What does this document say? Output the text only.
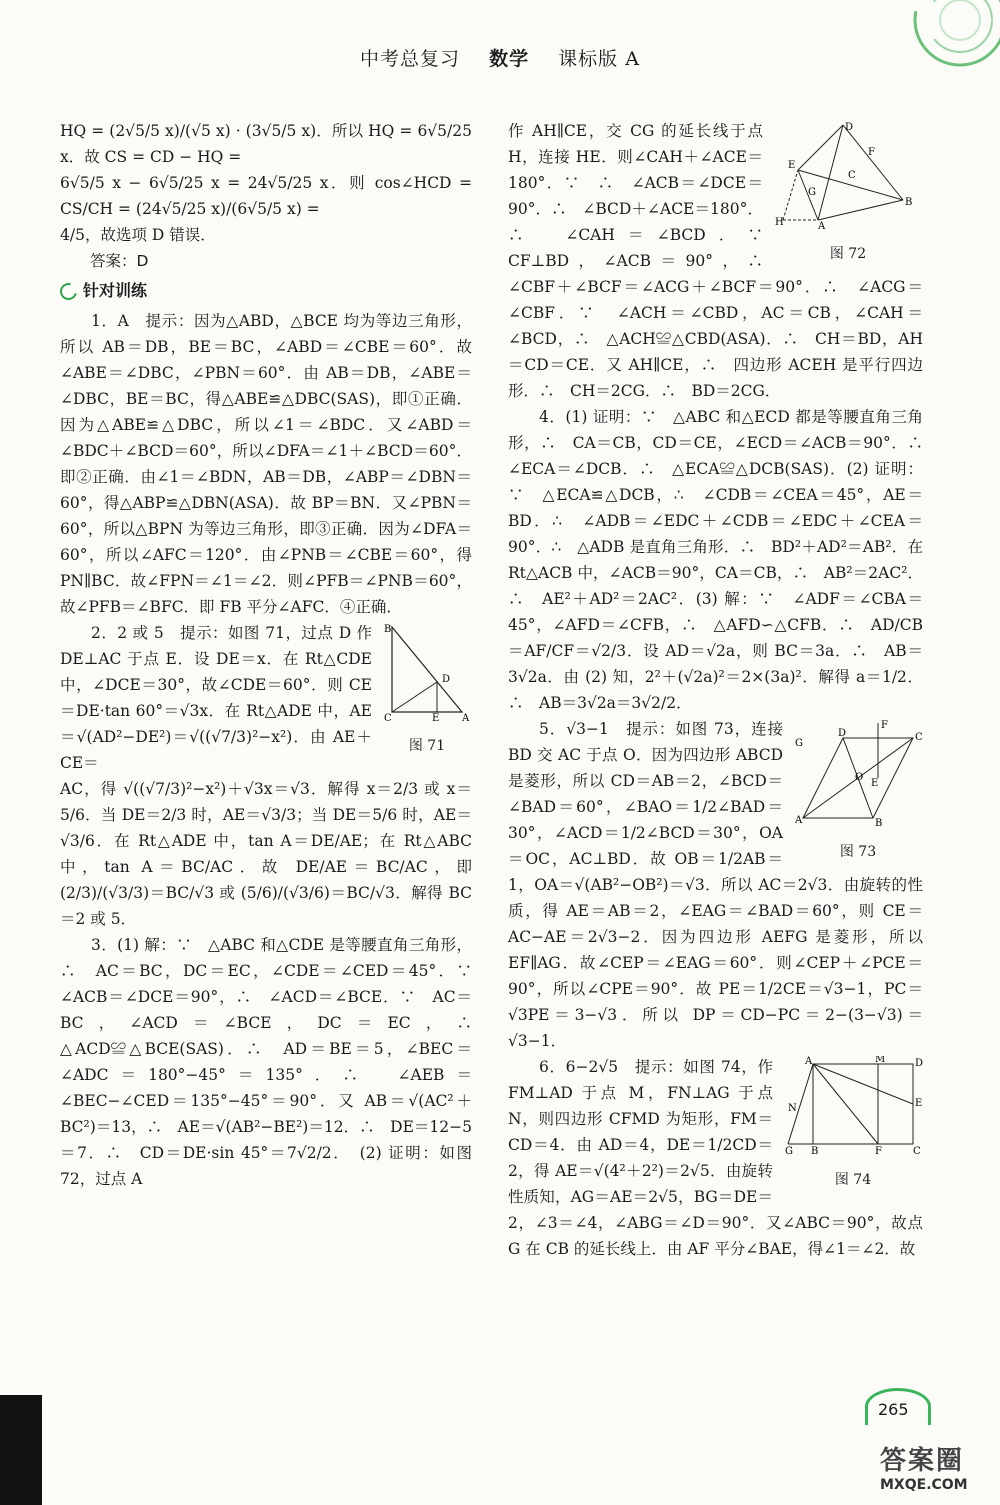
中考总复习 数学 课标版 A

HQ = (2√5/5 x)/(√5 x) · (3√5/5 x)．所以 HQ = 6√5/25 x．故 CS = CD − HQ =

6√5/5 x − 6√5/25 x = 24√5/25 x．则 cos∠HCD = CS/CH = (24√5/25 x)/(6√5/5 x) =

4/5，故选项 D 错误．

答案：D

针对训练

1．A　提示：因为△ABD，△BCE 均为等边三角形，所以 AB＝DB，BE＝BC，∠ABD＝∠CBE＝60°．故∠ABE＝∠DBC，∠PBN＝60°．由 AB＝DB，∠ABE＝∠DBC，BE＝BC，得△ABE≌△DBC(SAS)，即①正确．因为△ABE≌△DBC，所以∠1＝∠BDC．又∠ABD＝∠BDC＋∠BCD＝60°，所以∠DFA＝∠1＋∠BCD＝60°．即②正确．由∠1＝∠BDN，AB＝DB，∠ABP＝∠DBN＝60°，得△ABP≌△DBN(ASA)．故 BP＝BN．又∠PBN＝60°，所以△BPN 为等边三角形，即③正确．因为∠DFA＝60°，所以∠AFC＝120°．由∠PNB＝∠CBE＝60°，得 PN∥BC．故∠FPN＝∠1＝∠2．则∠PFB＝∠PNB＝60°，故∠PFB＝∠BFC．即 FB 平分∠AFC．④正确．

B
D
C	E A
图 71

2．2 或 5　提示：如图 71，过点 D 作 DE⊥AC 于点 E．设 DE＝x．在 Rt△CDE 中，∠DCE＝30°，故∠CDE＝60°．则 CE＝DE·tan 60°＝√3x．在 Rt△ADE 中，AE＝√(AD²−DE²)＝√((√7/3)²−x²)．由 AE＋CE＝

AC，得 √((√7/3)²−x²)＋√3x＝√3．解得 x＝2/3 或 x＝5/6．当 DE＝2/3 时，AE＝√3/3；当 DE＝5/6 时，AE＝√3/6．在 Rt△ADE 中，tan A＝DE/AE；在 Rt△ABC 中，tan A＝BC/AC．故 DE/AE＝BC/AC，即 (2/3)/(√3/3)＝BC/√3 或 (5/6)/(√3/6)＝BC/√3．解得 BC＝2 或 5．

3．(1) 解：∵　△ABC 和△CDE 是等腰直角三角形，∴　AC＝BC，DC＝EC，∠CDE＝∠CED＝45°．∵　∠ACB＝∠DCE＝90°，∴　∠ACD＝∠BCE．∵　AC＝BC，∠ACD＝∠BCE，DC＝EC，∴　△ACD≌△BCE(SAS)．∴　AD＝BE＝5，∠BEC＝∠ADC＝180°−45°＝135°．∴　∠AEB＝∠BEC−∠CED＝135°−45°＝90°．又 AB＝√(AC²＋BC²)＝13，∴　AE＝√(AB²−BE²)＝12．∴　DE＝12−5＝7．∴　CD＝DE·sin 45°＝7√2/2．　(2) 证明：如图 72，过点 A

D
F
E
C
G
B
H	A
图 72

作 AH∥CE，交 CG 的延长线于点 H，连接 HE．则∠CAH＋∠ACE＝180°．∵　∴　∠ACB＝∠DCE＝90°．∴　∠BCD＋∠ACE＝180°．∴　∠CAH＝∠BCD．∵　CF⊥BD，∠ACB＝90°，∴　∠CBF＋∠BCF＝∠ACG＋∠BCF＝90°．∴　∠ACG＝∠CBF．∵　∠ACH＝∠CBD，AC＝CB，∠CAH＝∠BCD，∴　△ACH≌△CBD(ASA)．∴　CH＝BD，AH＝CD＝CE．又 AH∥CE，∴　四边形 ACEH 是平行四边形．∴　CH＝2CG．∴　BD＝2CG．

4．(1) 证明：∵　△ABC 和△ECD 都是等腰直角三角形，∴　CA＝CB，CD＝CE，∠ECD＝∠ACB＝90°．∴　∠ECA＝∠DCB．∴　△ECA≌△DCB(SAS)．(2) 证明：∵　△ECA≌△DCB，∴　∠CDB＝∠CEA＝45°，AE＝BD．∴　∠ADB＝∠EDC＋∠CDB＝∠EDC＋∠CEA＝90°．∴　△ADB 是直角三角形．∴　BD²＋AD²＝AB²．在 Rt△ACB 中，∠ACB＝90°，CA＝CB，∴　AB²＝2AC²．∴　AE²＋AD²＝2AC²．(3) 解：∵　∠ADF＝∠CBA＝45°，∠AFD＝∠CFB，∴　△AFD∽△CFB．∴　AD/CB＝AF/CF＝√2/3．设 AD＝√2a，则 BC＝3a．∴　AB＝3√2a．由 (2) 知，2²＋(√2a)²＝2×(3a)²．解得 a＝1/2．∴　AB＝3√2a＝3√2/2．

F
G
D	C
O
E
A	B
图 73

5．√3−1　提示：如图 73，连接 BD 交 AC 于点 O．因为四边形 ABCD 是菱形，所以 CD＝AB＝2，∠BCD＝∠BAD＝60°，∠BAO＝1/2∠BAD＝30°，∠ACD＝1/2∠BCD＝30°，OA＝OC，AC⊥BD．故 OB＝1/2AB＝1，OA＝√(AB²−OB²)＝√3．所以 AC＝2√3．由旋转的性质，得 AE＝AB＝2，∠EAG＝∠BAD＝60°，则 CE＝AC−AE＝2√3−2．因为四边形 AEFG 是菱形，所以 EF∥AG．故∠CEP＝∠EAG＝60°．则∠CEP＋∠PCE＝90°，所以∠CPE＝90°．故 PE＝1/2CE＝√3−1，PC＝√3PE＝3−√3．所以 DP＝CD−PC＝2−(3−√3)＝√3−1．

A	M	D
E
N
G B	F	C
图 74

6．6−2√5　提示：如图 74，作 FM⊥AD 于点 M，FN⊥AG 于点 N，则四边形 CFMD 为矩形，FM＝CD＝4．由 AD＝4，DE＝1/2CD＝2，得 AE＝√(4²＋2²)＝2√5．由旋转性质知，AG＝AE＝2√5，BG＝DE＝2，∠3＝∠4，∠ABG＝∠D＝90°．又∠ABC＝90°，故点 G 在 CB 的延长线上．由 AF 平分∠BAE，得∠1＝∠2．故

265
答案圈
MXQE.COM
